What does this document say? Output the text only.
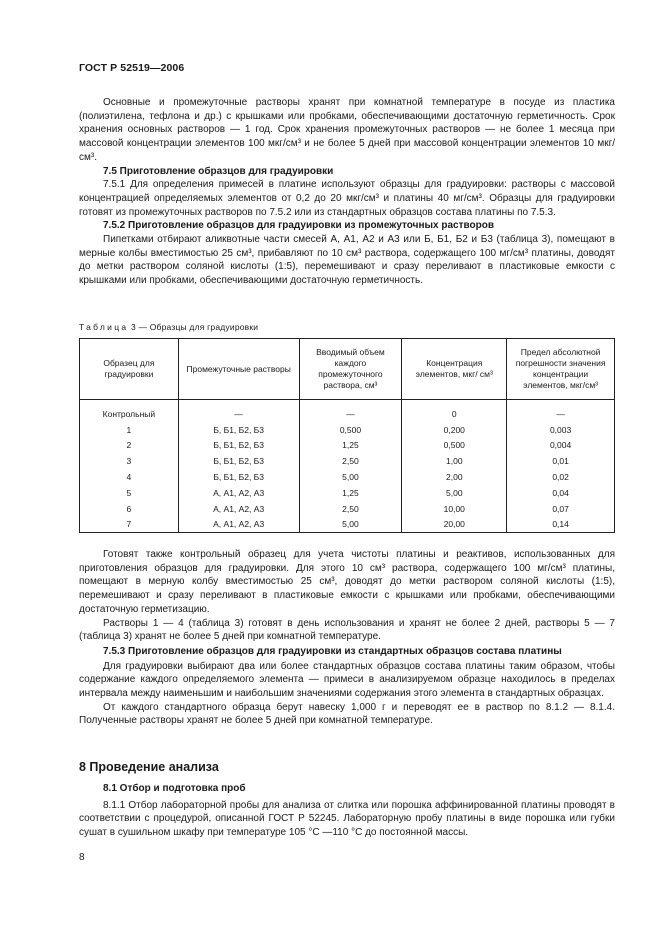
ГОСТ Р 52519—2006

Основные и промежуточные растворы хранят при комнатной температуре в посуде из пластика (полиэтилена, тефлона и др.) с крышками или пробками, обеспечивающими достаточную герметичность. Срок хранения основных растворов — 1 год. Срок хранения промежуточных растворов — не более 1 месяца при массовой концентрации элементов 100 мкг/см³ и не более 5 дней при массовой концентрации элементов 10 мкг/см³.

7.5 Приготовление образцов для градуировки

7.5.1 Для определения примесей в платине используют образцы для градуировки: растворы с массовой концентрацией определяемых элементов от 0,2 до 20 мкг/см³ и платины 40 мг/см³. Образцы для градуировки готовят из промежуточных растворов по 7.5.2 или из стандартных образцов состава платины по 7.5.3.

7.5.2 Приготовление образцов для градуировки из промежуточных растворов

Пипетками отбирают аликвотные части смесей А, А1, А2 и А3 или Б, Б1, Б2 и Б3 (таблица 3), помещают в мерные колбы вместимостью 25 см³, прибавляют по 10 см³ раствора, содержащего 100 мг/см³ платины, доводят до метки раствором соляной кислоты (1:5), перемешивают и сразу переливают в пластиковые емкости с крышками или пробками, обеспечивающими достаточную герметичность.

Таблица 3 — Образцы для градуировки
Образец для градуировки	Промежуточные растворы	Вводимый объем каждого промежуточного раствора, см³	Концентрация элементов, мкг/ см³	Предел абсолютной погрешности значения концентрации элементов, мкг/см³

Контрольный	—	—	0	—
1	Б, Б1, Б2, Б3	0,500	0,200	0,003
2	Б, Б1, Б2, Б3	1,25	0,500	0,004
3	Б, Б1, Б2, Б3	2,50	1,00	0,01
4	Б, Б1, Б2, Б3	5,00	2,00	0,02
5	А, А1, А2, А3	1,25	5,00	0,04
6	А, А1, А2, А3	2,50	10,00	0,07
7	А, А1, А2, А3	5,00	20,00	0,14

Готовят также контрольный образец для учета чистоты платины и реактивов, использованных для приготовления образцов для градуировки. Для этого 10 см³ раствора, содержащего 100 мг/см³ платины, помещают в мерную колбу вместимостью 25 см³, доводят до метки раствором соляной кислоты (1:5), перемешивают и сразу переливают в пластиковые емкости с крышками или пробками, обеспечивающими достаточную герметизацию.

Растворы 1 — 4 (таблица 3) готовят в день использования и хранят не более 2 дней, растворы 5 — 7 (таблица 3) хранят не более 5 дней при комнатной температуре.

7.5.3 Приготовление образцов для градуировки из стандартных образцов состава платины

Для градуировки выбирают два или более стандартных образцов состава платины таким образом, чтобы содержание каждого определяемого элемента — примеси в анализируемом образце находилось в пределах интервала между наименьшим и наибольшим значениями содержания этого элемента в стандартных образцах.

От каждого стандартного образца берут навеску 1,000 г и переводят ее в раствор по 8.1.2 — 8.1.4. Полученные растворы хранят не более 5 дней при комнатной температуре.

8 Проведение анализа

8.1 Отбор и подготовка проб

8.1.1 Отбор лабораторной пробы для анализа от слитка или порошка аффинированной платины проводят в соответствии с процедурой, описанной ГОСТ Р 52245. Лабораторную пробу платины в виде порошка или губки сушат в сушильном шкафу при температуре 105 °С —110 °С до постоянной массы.

8
